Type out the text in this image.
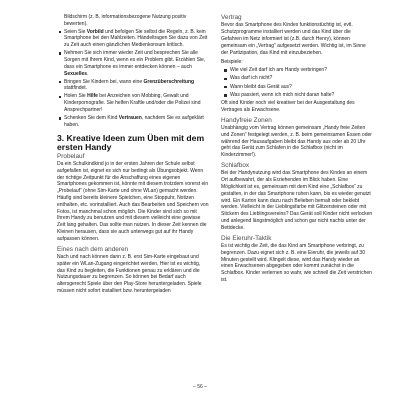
Bildschirm (z. B. informationsbezogene Nutzung positiv bewerten).

Seien Sie Vorbild und befolgen Sie selbst die Regeln, z. B. kein Smartphone bei den Mahlzeiten. Händeltragen Sie dazu von Zeit zu Zeit auch einen gänzlichen Medienkonsum kritisch.
Nehmen Sie sich immer wieder Zeit und besprechen Sie alle Sorgen mit Ihrem Kind, wenn es ein Problem gibt. Erzählen Sie, dass ein Smartphone es immer entdecken können – auch Sexuelles.
Bringen Sie Kindern bei, wann eine Grenzüberschreitung stattfindet.
Holen Sie Hilfe bei Anzeichen von Mobbing, Gewalt und Kinderpornografie. Sie helfen Kraftle und/oder die Polizei sind Ansprechpartner!
Schenken Sie dem Kind Vertrauen, nachdem Sie es aufgeklärt haben.
3. Kreative Ideen zum Üben mit dem ersten Handy
Probelauf

Da ein Schulkindkind jo in der ersten Jahren der Schule selbst aufgefallen ist, eignet es sich nur bedingt als Übungsobjekt. Wenn der richtige Zeitpunkt für die Anschaffung eines eigenen Smartphones gekommen ist, könnte mit diesem trotzdem vorerst ein „Probelauf“ (ohne Sim-Karte und ohne WLan) gemacht werden. Häufig sind bereits kleinere Spielchen, eine Stoppuhr, Notizen enthalten, etc. vorinstalliert. Auch das Bearbeiten und Speichern von Fotos, ist manchmal schon möglich. Die Kinder sind sich so mit Ihrem Handy zu benutzen und mit diesem vielleicht eine gewisse Zeit lang gehalten. Das sollte man nutzen. In dieser Zeit kennen die Kleinen herausen, dass sie auch unterwegs gut auf ihr Handy aufpassen können.

Eines nach dem anderen

Nach und nach können dann z. B. erst Sim-Karte eingebaut und später ein WLan-Zugang eingerichtet werden. Hier ist es wichtig, das Kind zu begleiten, die Funktionen genau zu erklären und die Nutzungsdauer zu begrenzen. So können bei Bedarf auch altersgerecht Spiele über den Play-Store heruntergeladen. Spiele müssen nicht sofort installiert bzw. heruntergeladen

Vertrag

Bevor das Smartphone des Kindes funktionstüchtig ist, evtl. Schutzprogramme installiert werden und das Kind über die Gefahren im Netz informiert ist (z.B. durch Henry), können gemeinsam ein „Vertrag“ aufgesetzt werden. Wichtig ist, im Sinne der Partizipation, das Kind mit einzubeziehen.

Beispiele:

Wie viel Zeit darf ich am Handy verbringen?
Was darf ich nicht?
Wann bleibt das Gerät aus?
Was passiert, wenn ich mich nicht daran halte?

Oft sind Kinder noch viel kreativer bei der Ausgestaltung des Vertrages als Erwachsene.

Handyfreie Zonen

Unabhängig vom Vertrag können gemeinsam „Handy freie Zeiten und Zonen“ festgelegt werden, z. B. beim gemeinsamen Essen oder während der Hausaufgaben bleibt das Handy aus oder ab 20 Uhr geht das Gerät zum Schlafen in die Schlafbox (nicht im Kinderzimmer!).

Schlafbox

Bei der Handynutzung wird das Smartphone des Kindes an einem Ort aufbewahrt, der als Erziehenden im Blick haben. Eine Möglichkeit ist es, gemeinsam mit dem Kind eine „Schlafbox“ zu gestalten, in der das Smartphone ruhen kann, bis es wieder genutzt wird. Ein Karton kann dazu nach Belieben bemalt oder beklebt werden. Vielleicht in der Lieblingsfarbe mit Glitzersteinen oder mit Stickern des Lieblingsvereins? Das Gerät soll Kinder nicht verlocken und anlegend längstmöglich und schon gar nicht nachts unter der Bettdecke.

Die Eieruhr-Taktik

Es ist wichtig die Zeit, die das Kind am Smartphone verbringt, zu begrenzen. Dazu eignet sich z. B. eine Eieruhr, die jeweils auf 30 Minuten gestellt wird. Klingelt diese, wird das Handy wieder an einen Erwachsenen abgegeben oder kommt zunächst in die Schlafbox. Kinder verlernen so wahr, wie schnell die Zeit verstrichen ist.

– 56 –
